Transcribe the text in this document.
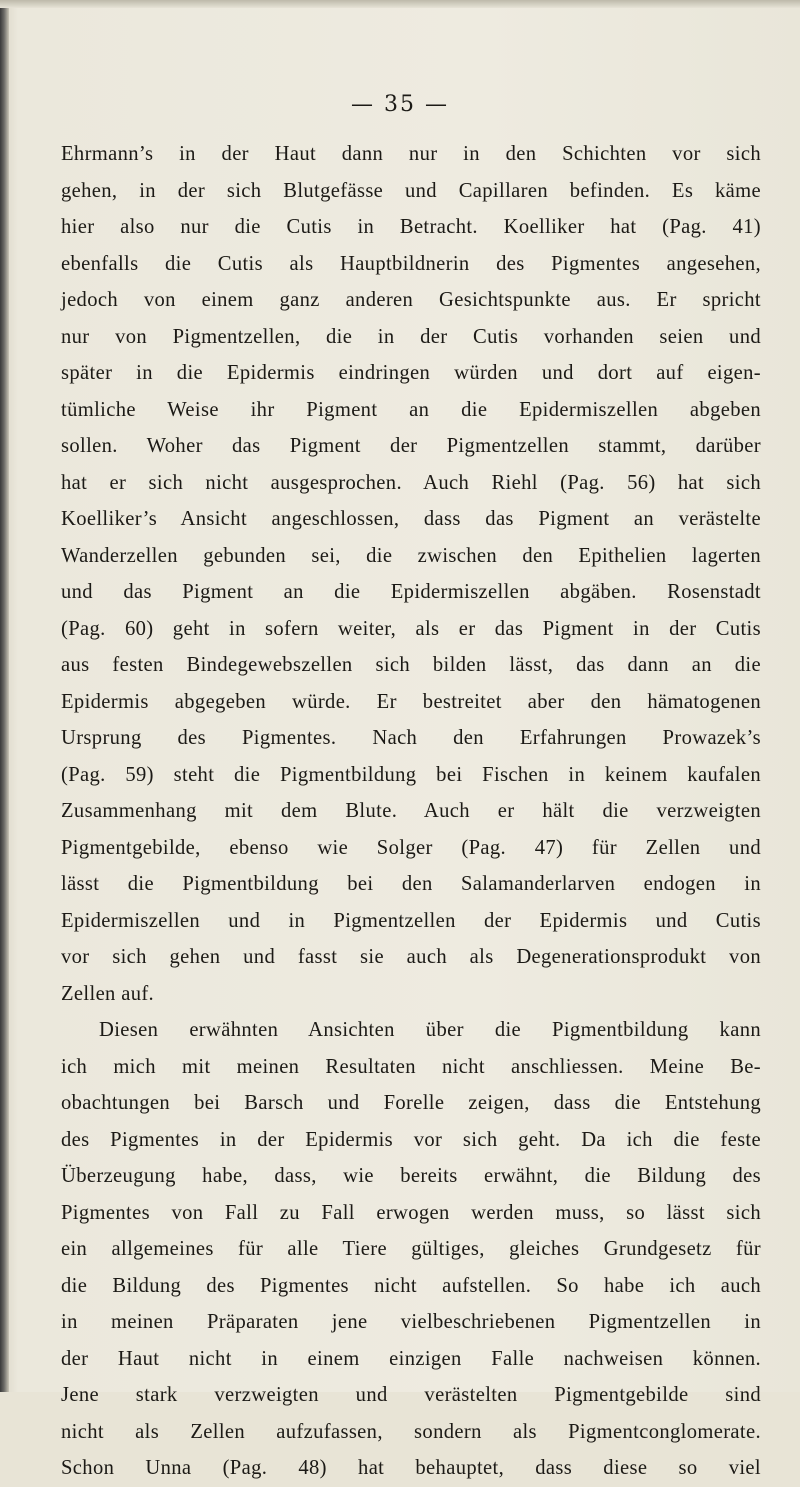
— 35 —
Ehrmann’s in der Haut dann nur in den Schichten vor sich
gehen, in der sich Blutgefässe und Capillaren befinden. Es käme
hier also nur die Cutis in Betracht. Koelliker hat (Pag. 41)
ebenfalls die Cutis als Hauptbildnerin des Pigmentes angesehen,
jedoch von einem ganz anderen Gesichtspunkte aus. Er spricht
nur von Pigmentzellen, die in der Cutis vorhanden seien und
später in die Epidermis eindringen würden und dort auf eigen-
tümliche Weise ihr Pigment an die Epidermiszellen abgeben
sollen. Woher das Pigment der Pigmentzellen stammt, darüber
hat er sich nicht ausgesprochen. Auch Riehl (Pag. 56) hat sich
Koelliker’s Ansicht angeschlossen, dass das Pigment an verästelte
Wanderzellen gebunden sei, die zwischen den Epithelien lagerten
und das Pigment an die Epidermiszellen abgäben. Rosenstadt
(Pag. 60) geht in sofern weiter, als er das Pigment in der Cutis
aus festen Bindegewebszellen sich bilden lässt, das dann an die
Epidermis abgegeben würde. Er bestreitet aber den hämatogenen
Ursprung des Pigmentes. Nach den Erfahrungen Prowazek’s
(Pag. 59) steht die Pigmentbildung bei Fischen in keinem kaufalen
Zusammenhang mit dem Blute. Auch er hält die verzweigten
Pigmentgebilde, ebenso wie Solger (Pag. 47) für Zellen und
lässt die Pigmentbildung bei den Salamanderlarven endogen in
Epidermiszellen und in Pigmentzellen der Epidermis und Cutis
vor sich gehen und fasst sie auch als Degenerationsprodukt von
Zellen auf.
Diesen erwähnten Ansichten über die Pigmentbildung kann
ich mich mit meinen Resultaten nicht anschliessen. Meine Be-
obachtungen bei Barsch und Forelle zeigen, dass die Entstehung
des Pigmentes in der Epidermis vor sich geht. Da ich die feste
Überzeugung habe, dass, wie bereits erwähnt, die Bildung des
Pigmentes von Fall zu Fall erwogen werden muss, so lässt sich
ein allgemeines für alle Tiere gültiges, gleiches Grundgesetz für
die Bildung des Pigmentes nicht aufstellen. So habe ich auch
in meinen Präparaten jene vielbeschriebenen Pigmentzellen in
der Haut nicht in einem einzigen Falle nachweisen können.
Jene stark verzweigten und verästelten Pigmentgebilde sind
nicht als Zellen aufzufassen, sondern als Pigmentconglomerate.
Schon Unna (Pag. 48) hat behauptet, dass diese so viel
